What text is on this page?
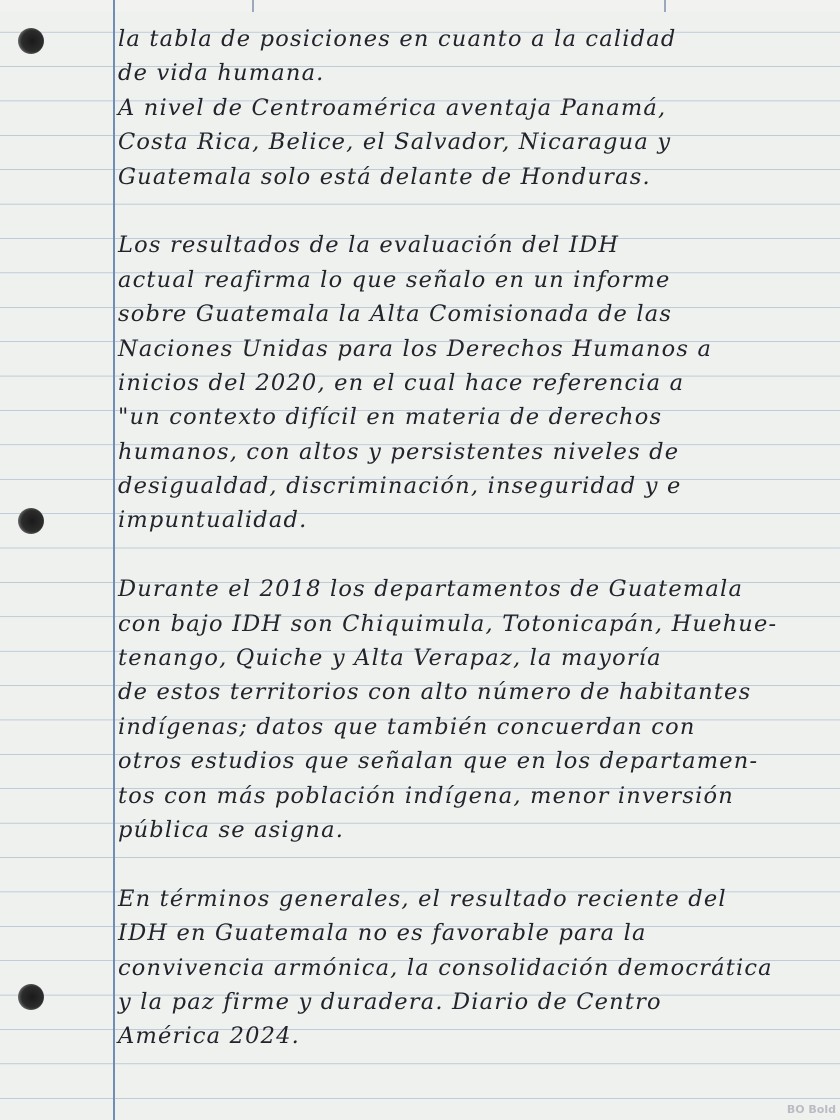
la tabla de posiciones en cuanto a la calidad
de vida humana.
A nivel de Centroamérica aventaja Panamá,
Costa Rica, Belice, el Salvador, Nicaragua y
Guatemala solo está delante de Honduras.
Los resultados de la evaluación del IDH
actual reafirma lo que señalo en un informe
sobre Guatemala la Alta Comisionada de las
Naciones Unidas para los Derechos Humanos a
inicios del 2020, en el cual hace referencia a
"un contexto difícil en materia de derechos
humanos, con altos y persistentes niveles de
desigualdad, discriminación, inseguridad y e
impuntualidad.
Durante el 2018 los departamentos de Guatemala
con bajo IDH son Chiquimula, Totonicapán, Huehue-
tenango, Quiche y Alta Verapaz, la mayoría
de estos territorios con alto número de habitantes
indígenas; datos que también concuerdan con
otros estudios que señalan que en los departamen-
tos con más población indígena, menor inversión
pública se asigna.
En términos generales, el resultado reciente del
IDH en Guatemala no es favorable para la
convivencia armónica, la consolidación democrática
y la paz firme y duradera. Diario de Centro
América 2024.
BO Bold
